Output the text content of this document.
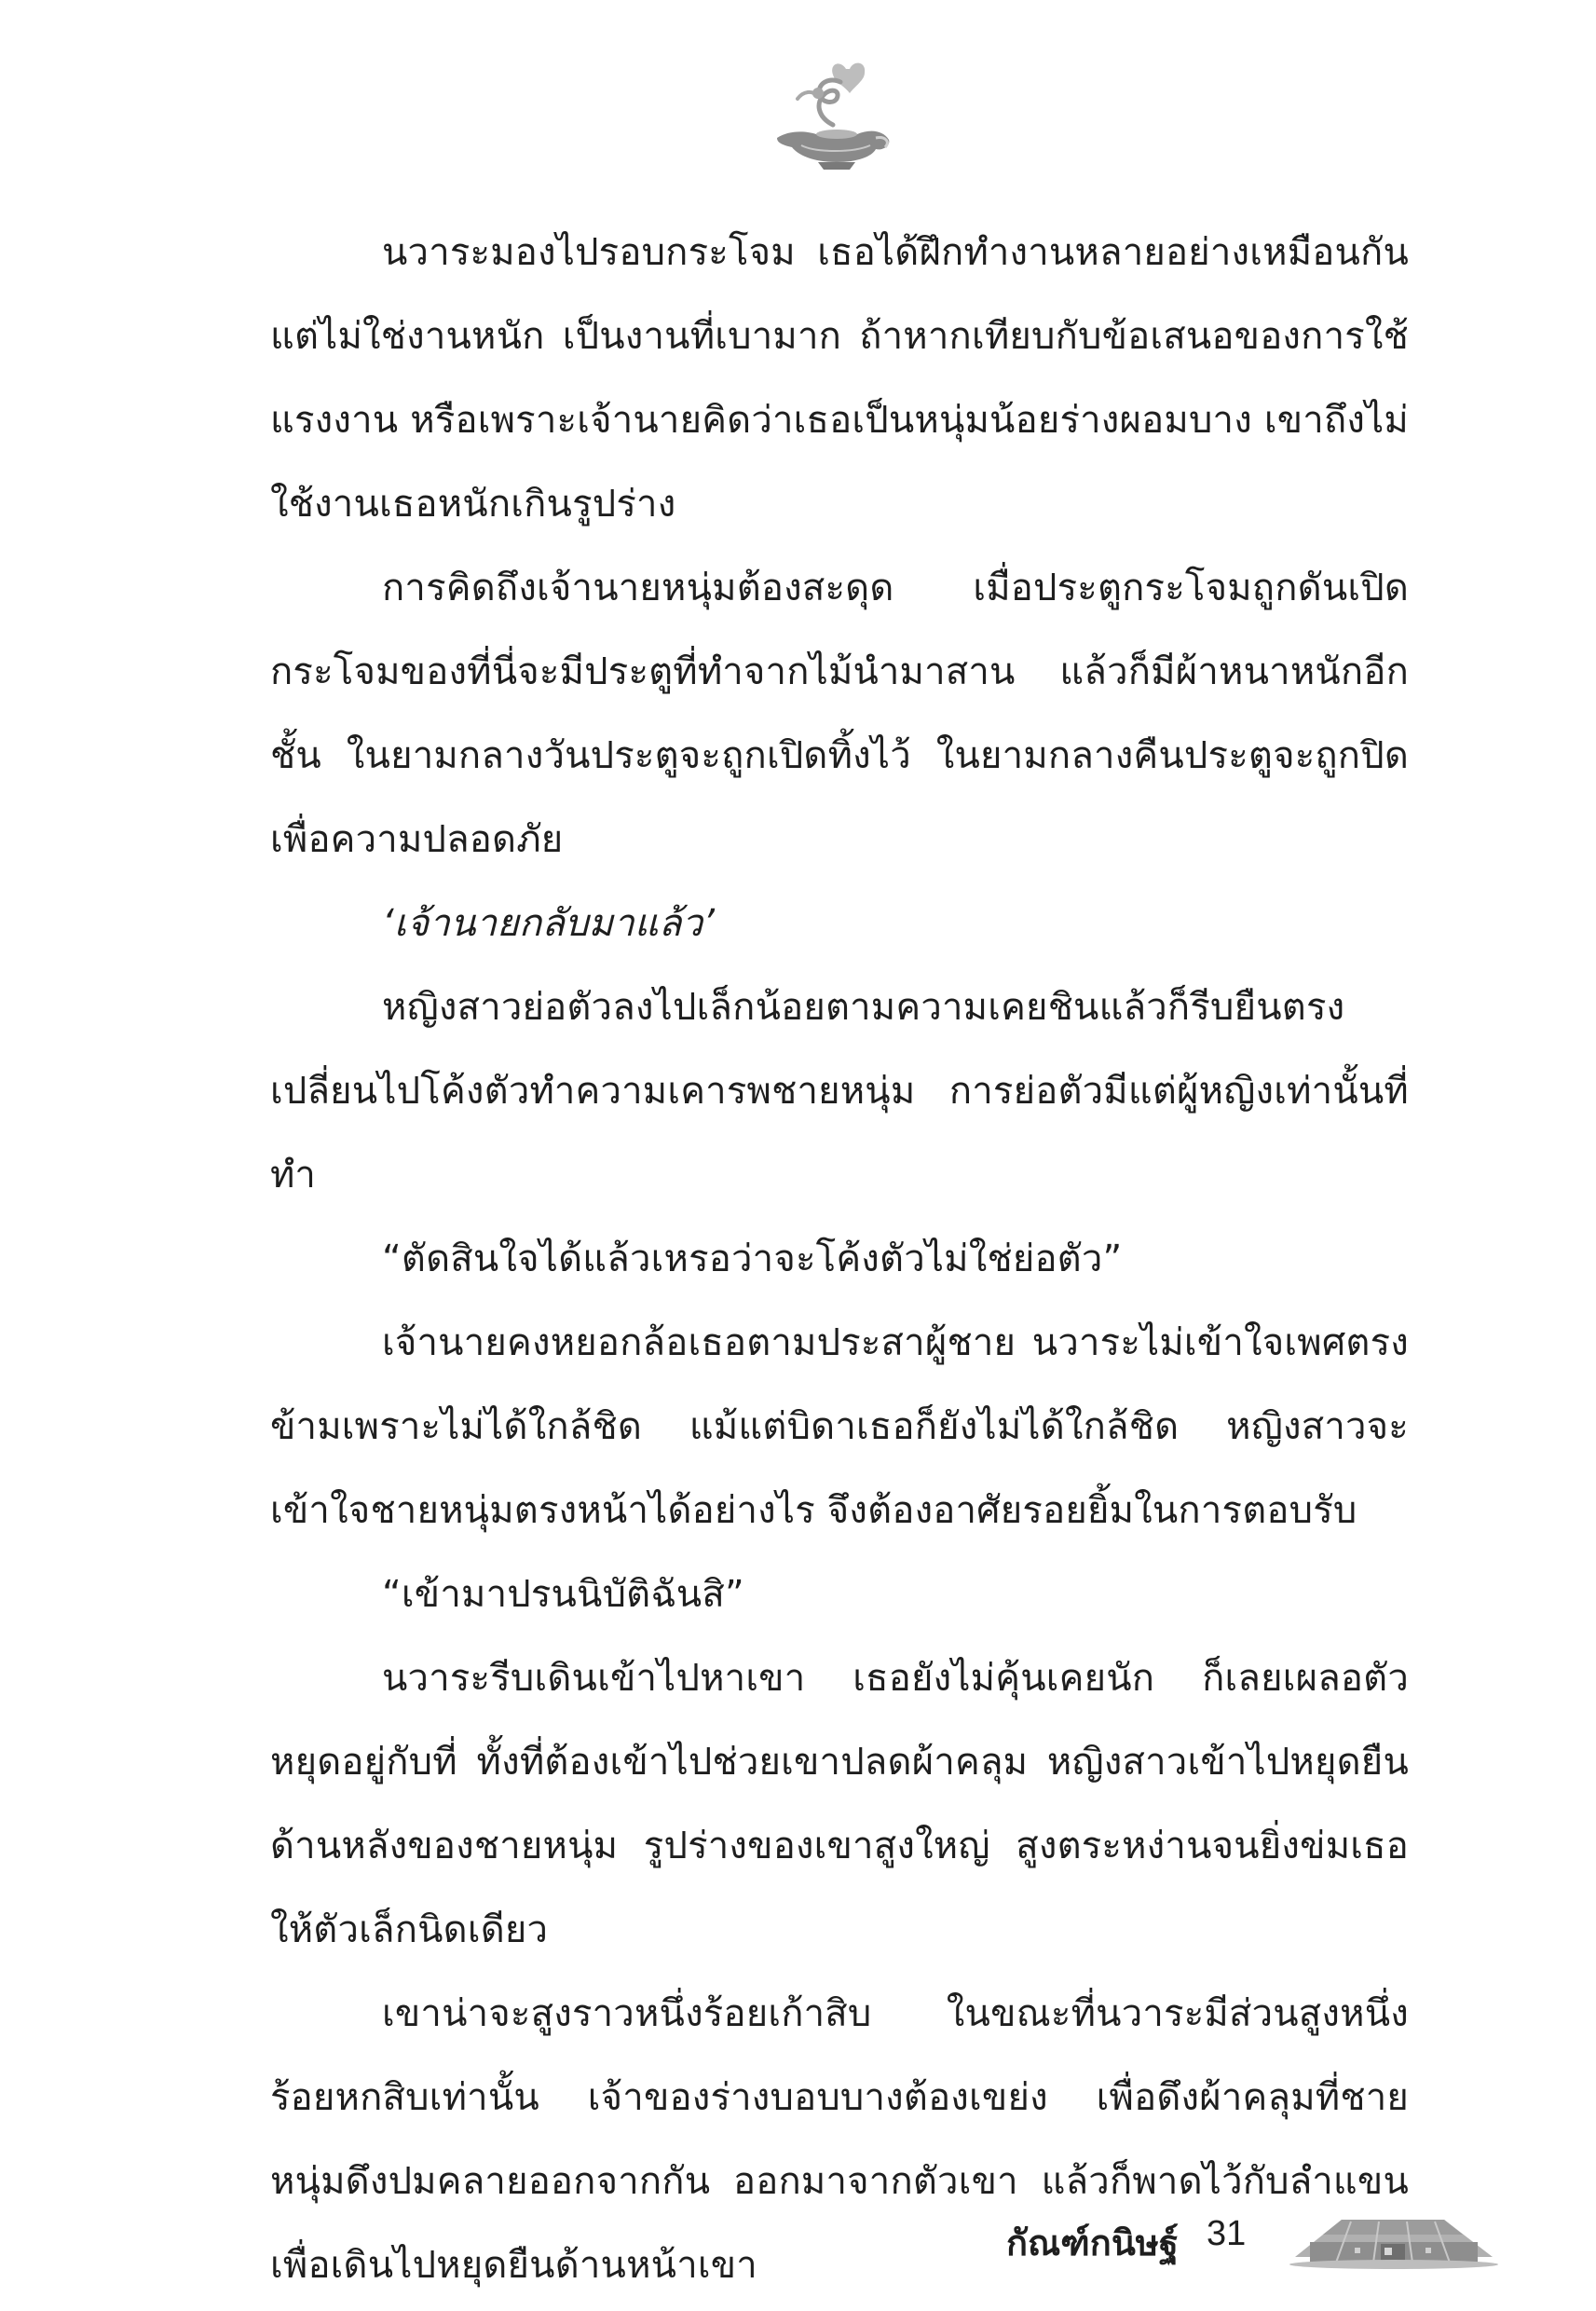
นวาระมองไปรอบกระโจม เธอได้ฝึกทำงานหลายอย่างเหมือนกัน แต่ไม่ใช่งานหนัก เป็นงานที่เบามาก ถ้าหากเทียบกับข้อเสนอของการใช้แรงงาน หรือเพราะเจ้านายคิดว่าเธอเป็นหนุ่มน้อยร่างผอมบาง เขาถึงไม่ใช้งานเธอหนักเกินรูปร่าง

การคิดถึงเจ้านายหนุ่มต้องสะดุด เมื่อประตูกระโจมถูกดันเปิด กระโจมของที่นี่จะมีประตูที่ทำจากไม้นำมาสาน แล้วก็มีผ้าหนาหนักอีกชั้น ในยามกลางวันประตูจะถูกเปิดทิ้งไว้ ในยามกลางคืนประตูจะถูกปิดเพื่อความปลอดภัย

‘เจ้านายกลับมาแล้ว’

หญิงสาวย่อตัวลงไปเล็กน้อยตามความเคยชินแล้วก็รีบยืนตรง เปลี่ยนไปโค้งตัวทำความเคารพชายหนุ่ม การย่อตัวมีแต่ผู้หญิงเท่านั้นที่ทำ

“ตัดสินใจได้แล้วเหรอว่าจะโค้งตัวไม่ใช่ย่อตัว”

เจ้านายคงหยอกล้อเธอตามประสาผู้ชาย นวาระไม่เข้าใจเพศตรงข้ามเพราะไม่ได้ใกล้ชิด แม้แต่บิดาเธอก็ยังไม่ได้ใกล้ชิด หญิงสาวจะเข้าใจชายหนุ่มตรงหน้าได้อย่างไร จึงต้องอาศัยรอยยิ้มในการตอบรับ

“เข้ามาปรนนิบัติฉันสิ”

นวาระรีบเดินเข้าไปหาเขา เธอยังไม่คุ้นเคยนัก ก็เลยเผลอตัวหยุดอยู่กับที่ ทั้งที่ต้องเข้าไปช่วยเขาปลดผ้าคลุม หญิงสาวเข้าไปหยุดยืนด้านหลังของชายหนุ่ม รูปร่างของเขาสูงใหญ่ สูงตระหง่านจนยิ่งข่มเธอให้ตัวเล็กนิดเดียว

เขาน่าจะสูงราวหนึ่งร้อยเก้าสิบ ในขณะที่นวาระมีส่วนสูงหนึ่งร้อยหกสิบเท่านั้น เจ้าของร่างบอบบางต้องเขย่ง เพื่อดึงผ้าคลุมที่ชายหนุ่มดึงปมคลายออกจากกัน ออกมาจากตัวเขา แล้วก็พาดไว้กับลำแขนเพื่อเดินไปหยุดยืนด้านหน้าเขา

กัณฑ์กนิษฐ์ 31
